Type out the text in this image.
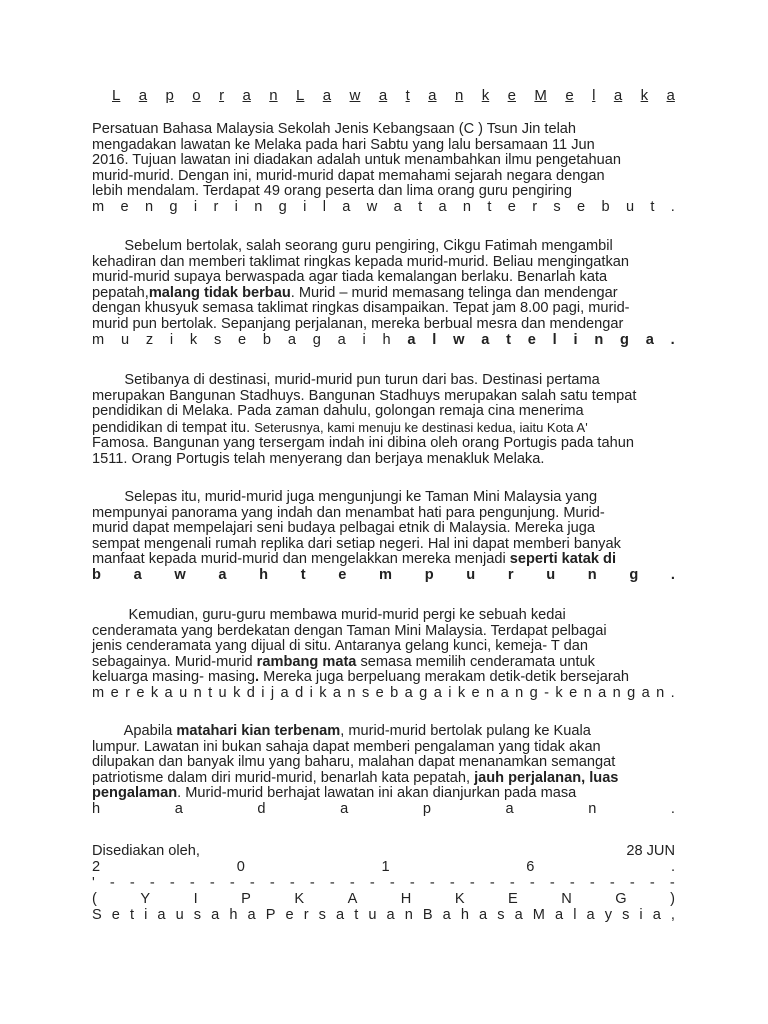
L a p o r a n L a w a t a n k e M e l a k a
Persatuan Bahasa Malaysia Sekolah Jenis Kebangsaan (C ) Tsun Jin telah
mengadakan lawatan ke Melaka pada hari Sabtu yang lalu bersamaan 11 Jun
2016. Tujuan lawatan ini diadakan adalah untuk menambahkan ilmu pengetahuan
murid-murid. Dengan ini, murid-murid dapat memahami sejarah negara dengan
lebih mendalam. Terdapat 49 orang peserta dan lima orang guru pengiring
m e n g i r i n g i l a w a t a n t e r s e b u t .
Sebelum bertolak, salah seorang guru pengiring, Cikgu Fatimah mengambil
kehadiran dan memberi taklimat ringkas kepada murid-murid. Beliau mengingatkan
murid-murid supaya berwaspada agar tiada kemalangan berlaku. Benarlah kata
pepatah,malang tidak berbau. Murid – murid memasang telinga dan mendengar
dengan khusyuk semasa taklimat ringkas disampaikan. Tepat jam 8.00 pagi, murid-
murid pun bertolak. Sepanjang perjalanan, mereka berbual mesra dan mendengar
m u z i k s e b a g a i h a l w a t e l i n g a .
Setibanya di destinasi, murid-murid pun turun dari bas. Destinasi pertama
merupakan Bangunan Stadhuys. Bangunan Stadhuys merupakan salah satu tempat
pendidikan di Melaka. Pada zaman dahulu, golongan remaja cina menerima
pendidikan di tempat itu. Seterusnya, kami menuju ke destinasi kedua, iaitu Kota A'
Famosa. Bangunan yang tersergam indah ini dibina oleh orang Portugis pada tahun
1511. Orang Portugis telah menyerang dan berjaya menakluk Melaka.
Selepas itu, murid-murid juga mengunjungi ke Taman Mini Malaysia yang
mempunyai panorama yang indah dan menambat hati para pengunjung. Murid-
murid dapat mempelajari seni budaya pelbagai etnik di Malaysia. Mereka juga
sempat mengenali rumah replika dari setiap negeri. Hal ini dapat memberi banyak
manfaat kepada murid-murid dan mengelakkan mereka menjadi seperti katak di
b a w a h t e m p u r u n g .
Kemudian, guru-guru membawa murid-murid pergi ke sebuah kedai
cenderamata yang berdekatan dengan Taman Mini Malaysia. Terdapat pelbagai
jenis cenderamata yang dijual di situ. Antaranya gelang kunci, kemeja- T dan
sebagainya. Murid-murid rambang mata semasa memilih cenderamata untuk
keluarga masing- masing. Mereka juga berpeluang merakam detik-detik bersejarah
m e r e k a u n t u k d i j a d i k a n s e b a g a i k e n a n g - k e n a n g a n .
Apabila matahari kian terbenam, murid-murid bertolak pulang ke Kuala
lumpur. Lawatan ini bukan sahaja dapat memberi pengalaman yang tidak akan
dilupakan dan banyak ilmu yang baharu, malahan dapat menanamkan semangat
patriotisme dalam diri murid-murid, benarlah kata pepatah, jauh perjalanan, luas
pengalaman. Murid-murid berhajat lawatan ini akan dianjurkan pada masa
h	a	d	a	p	a	n	.
Disediakan oleh,	28 JUN
2	0	1	6	.
' - - - - - - - - - - - - - - - - - - - - - - - - - - - - -
(	Y	I	P	K	A	H	K	E	N	G	)
S e t i a u s a h a P e r s a t u a n B a h a s a M a l a y s i a ,
